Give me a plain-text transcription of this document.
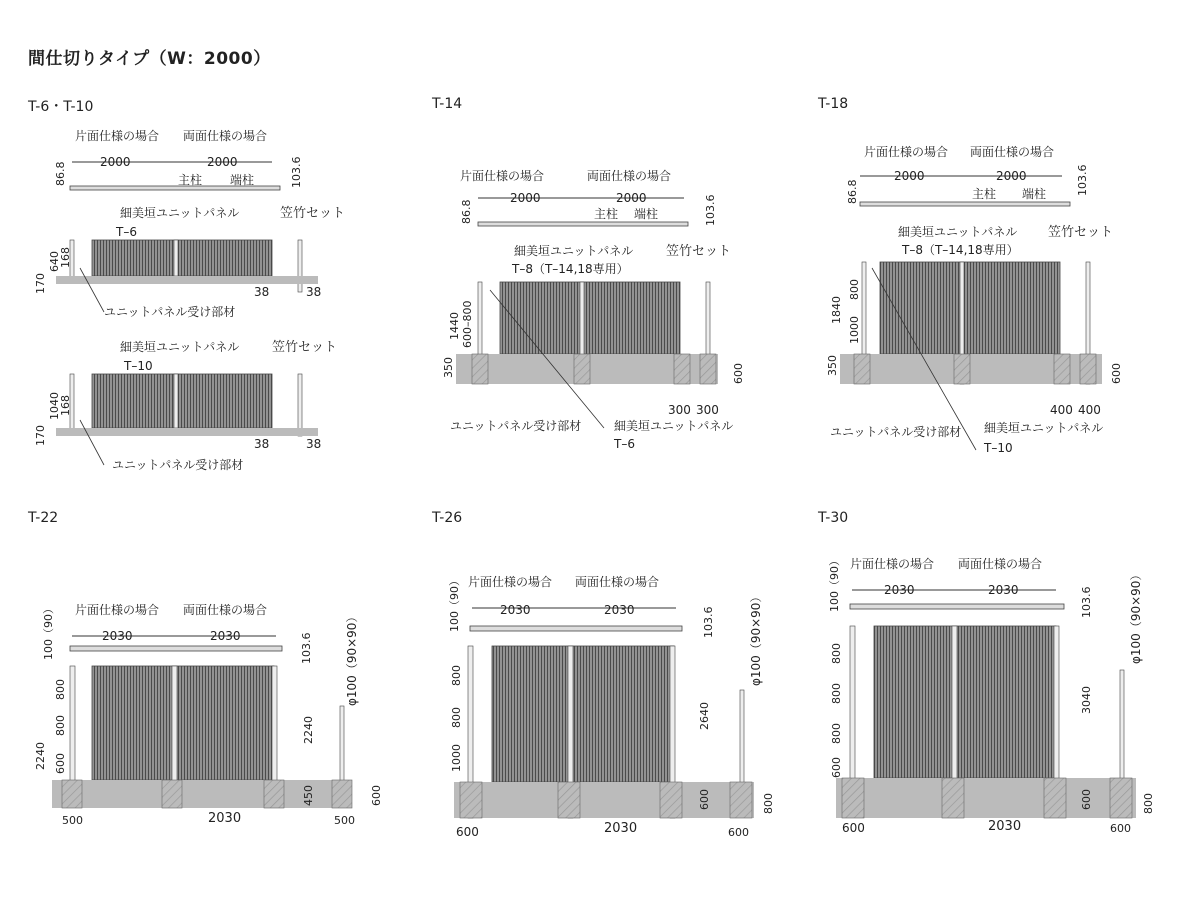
間仕切りタイプ（W：2000）
T-6・T-10	T-14	T-18
T-22	T-26	T-30
片面仕様の場合 両面仕様の場合
2000	2000
86.8	103.6
主柱 端柱
細美垣ユニットパネル	笠竹セット
T–6
170
640
168
38	38
ユニットパネル受け部材
細美垣ユニットパネル	笠竹セット
T–10
170
1040
168
38	38
ユニットパネル受け部材
片面仕様の場合	両面仕様の場合
2000	2000
86.8	103.6
主柱 端柱
細美垣ユニットパネル	笠竹セット
T–8（T–14,18専用）
1440 600–800
350	600
300 300
ユニットパネル受け部材	細美垣ユニットパネル
T–6
片面仕様の場合 両面仕様の場合
2000	2000
86.8	103.6
主柱 端柱
細美垣ユニットパネル 笠竹セット
T–8（T–14,18専用）
1840
800
1000
350	600
400 400
ユニットパネル受け部材 細美垣ユニットパネル
T–10
片面仕様の場合 両面仕様の場合
2030	2030
100（90）	103.6	φ100（90×90）
2240
2240
800
800
600
450	600
500	500
2030
片面仕様の場合 両面仕様の場合
2030	2030
100（90）	103.6	φ100（90×90）
800
800
1000
2640
600	800
600	600
2030
片面仕様の場合 両面仕様の場合
2030	2030
100（90）	103.6	φ100（90×90）
800
800
800
600
3040
600	800
600	600
2030
